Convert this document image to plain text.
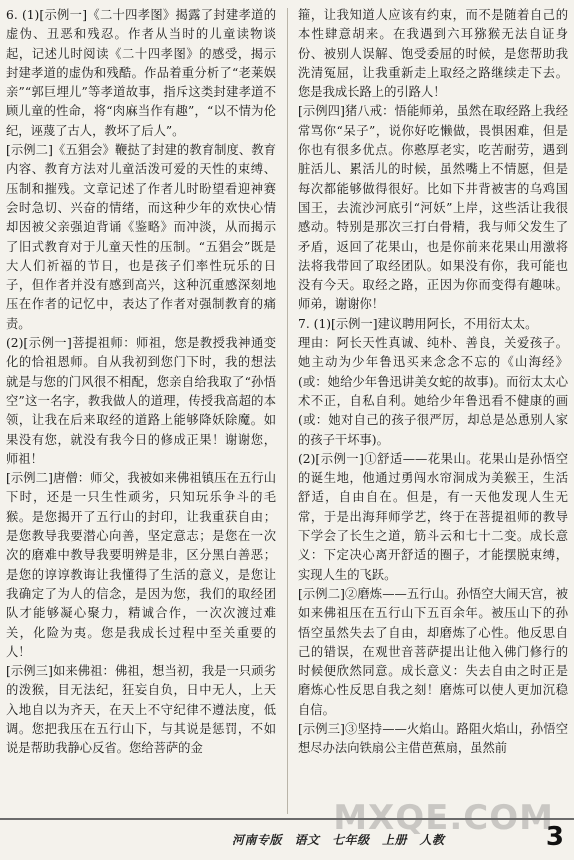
6. (1)[示例一]《二十四孝图》揭露了封建孝道的虚伪、丑恶和残忍。作者从当时的儿童读物谈起，记述儿时阅读《二十四孝图》的感受，揭示封建孝道的虚伪和残酷。作品着重分析了“老莱娱亲”“郭巨埋儿”等孝道故事，指斥这类封建孝道不顾儿童的性命，将“肉麻当作有趣”，“以不情为伦纪，诬蔑了古人，教坏了后人”。

[示例二]《五猖会》鞭挞了封建的教育制度、教育内容、教育方法对儿童活泼可爱的天性的束缚、压制和摧残。文章记述了作者儿时盼望看迎神赛会时急切、兴奋的情绪，而这种少年的欢快心情却因被父亲强迫背诵《鉴略》而冲淡，从而揭示了旧式教育对于儿童天性的压制。“五猖会”既是大人们祈福的节日，也是孩子们率性玩乐的日子，但作者并没有感到高兴，这种沉重感深刻地压在作者的记忆中，表达了作者对强制教育的痛责。

(2)[示例一]菩提祖师：师祖，您是教授我神通变化的恰祖恩师。自从我初到您门下时，我的想法就是与您的门风很不相配，您亲自给我取了“孙悟空”这一名字，教我做人的道理，传授我高超的本领，让我在后来取经的道路上能够降妖除魔。如果没有您，就没有我今日的修成正果！谢谢您，师祖！

[示例二]唐僧：师父，我被如来佛祖镇压在五行山下时，还是一只生性顽劣，只知玩乐争斗的毛猴。是您揭开了五行山的封印，让我重获自由；是您教导我要潜心向善，坚定意志；是您在一次次的磨难中教导我要明辨是非，区分黑白善恶；是您的谆谆教诲让我懂得了生活的意义，是您让我确定了为人的信念，是因为您，我们的取经团队才能够凝心聚力，精诚合作，一次次渡过难关，化险为夷。您是我成长过程中至关重要的人！

[示例三]如来佛祖：佛祖，想当初，我是一只顽劣的泼猴，目无法纪，狂妄自负，日中无人，上天入地自以为齐天，在天上不守纪律不遵法度，低调。您把我压在五行山下，与其说是惩罚，不如说是帮助我静心反省。您给菩萨的金

箍，让我知道人应该有约束，而不是随着自己的本性肆意胡来。在我遇到六耳猕猴无法自证身份、被别人误解、饱受委屈的时候，是您帮助我洗清冤屈，让我重新走上取经之路继续走下去。您是我成长路上的引路人！

[示例四]猪八戒：悟能师弟，虽然在取经路上我经常骂你“呆子”，说你好吃懒做，畏惧困难，但是你也有很多优点。你憨厚老实，吃苦耐劳，遇到脏活儿、累活儿的时候，虽然嘴上不情愿，但是每次都能够做得很好。比如下井背被害的乌鸡国国王，去流沙河底引“河妖”上岸，这些活让我很感动。特别是那次三打白骨精，我与师父发生了矛盾，返回了花果山，也是你前来花果山用激将法将我带回了取经团队。如果没有你，我可能也没有今天。取经之路，正因为你而变得有趣味。师弟，谢谢你！

7. (1)[示例一]建议聘用阿长，不用衍太太。

理由：阿长天性真诚、纯朴、善良，关爱孩子。她主动为少年鲁迅买来念念不忘的《山海经》(或：她给少年鲁迅讲美女蛇的故事)。而衍太太心术不正，自私自利。她给少年鲁迅看不健康的画(或：她对自己的孩子很严厉，却总是怂恿别人家的孩子干坏事)。

(2)[示例一]①舒适——花果山。花果山是孙悟空的诞生地，他通过勇闯水帘洞成为美猴王，生活舒适，自由自在。但是，有一天他发现人生无常，于是出海拜师学艺，终于在菩提祖师的教导下学会了长生之道，筋斗云和七十二变。成长意义：下定决心离开舒适的圈子，才能摆脱束缚，实现人生的飞跃。

[示例二]②磨炼——五行山。孙悟空大闹天宫，被如来佛祖压在五行山下五百余年。被压山下的孙悟空虽然失去了自由，却磨炼了心性。他反思自己的错误，在观世音菩萨提出让他入佛门修行的时候便欣然同意。成长意义：失去自由之时正是磨炼心性反思自我之刻！磨炼可以使人更加沉稳自信。

[示例三]③坚持——火焰山。路阻火焰山，孙悟空想尽办法向铁扇公主借芭蕉扇，虽然前

MXQE.COM
河南专版　语文　七年级　上册　人教	3
